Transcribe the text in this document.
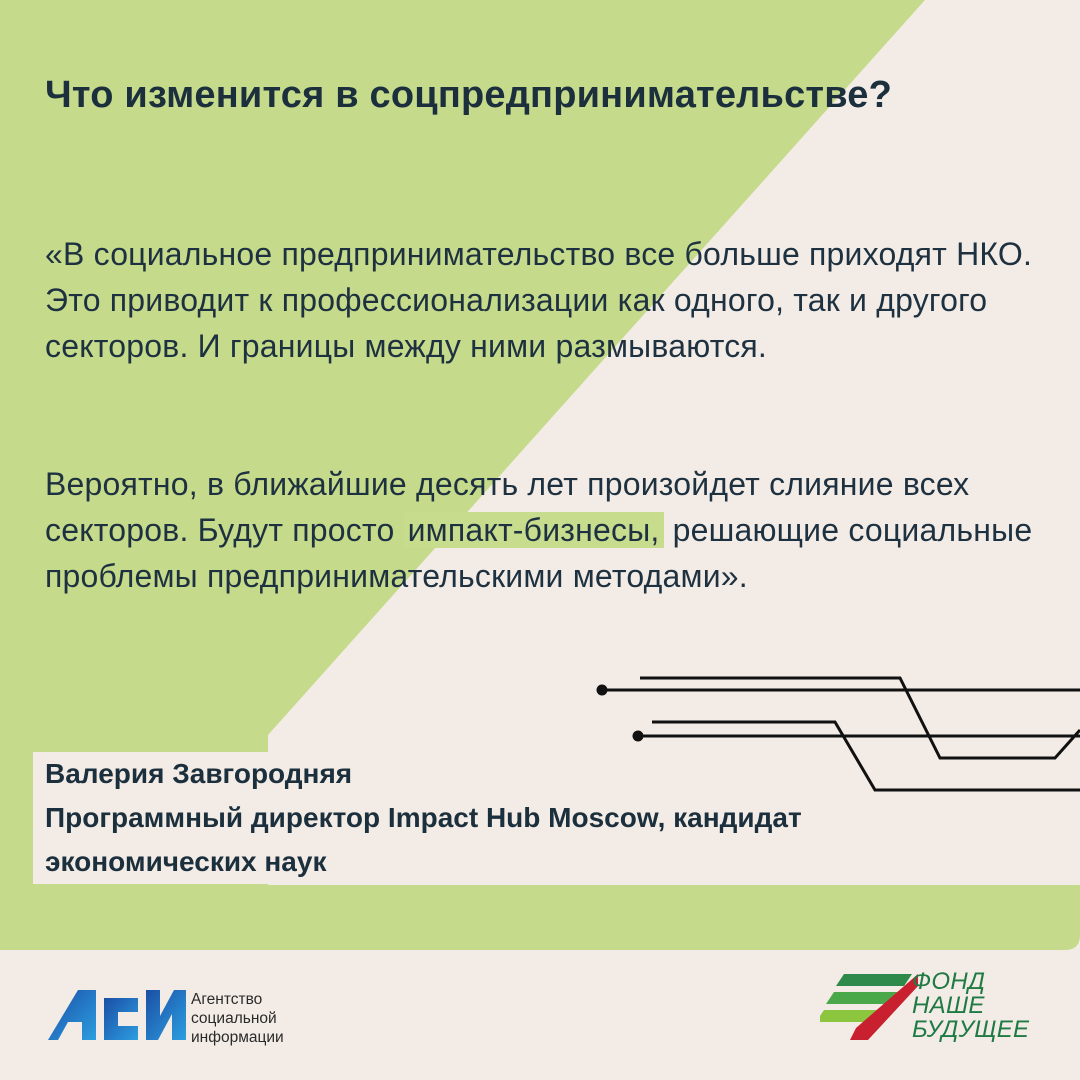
Что изменится в соцпредпринимательстве?
«В социальное предпринимательство все больше приходят НКО. Это приводит к профессионализации как одного, так и другого секторов. И границы между ними размываются.
Вероятно, в ближайшие десять лет произойдет слияние всех секторов. Будут просто импакт-бизнесы, решающие социальные проблемы предпринимательскими методами».
Валерия Завгородняя
Программный директор Impact Hub Moscow, кандидат
экономических наук
Агентство
социальной
информации
ФОНД
НАШЕ
БУДУЩЕЕ
